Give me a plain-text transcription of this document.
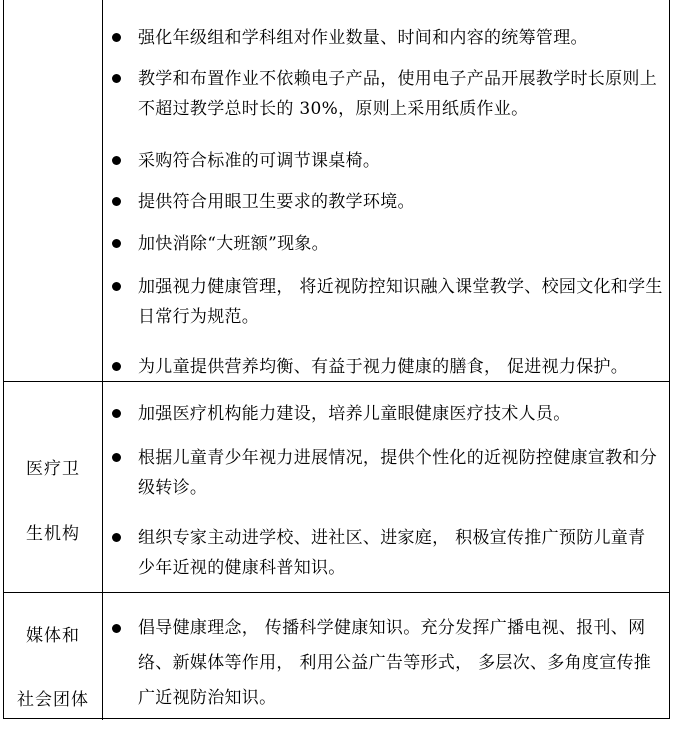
强化年级组和学科组对作业数量、时间和内容的统筹管理。
教学和布置作业不依赖电子产品，使用电子产品开展教学时长原则上不超过教学总时长的 30%，原则上采用纸质作业。
采购符合标准的可调节课桌椅。
提供符合用眼卫生要求的教学环境。
加快消除“大班额”现象。
加强视力健康管理， 将近视防控知识融入课堂教学、校园文化和学生日常行为规范。
为儿童提供营养均衡、有益于视力健康的膳食， 促进视力保护。
医疗卫
生机构
加强医疗机构能力建设，培养儿童眼健康医疗技术人员。
根据儿童青少年视力进展情况，提供个性化的近视防控健康宣教和分级转诊。
组织专家主动进学校、进社区、进家庭， 积极宣传推广预防儿童青少年近视的健康科普知识。
媒体和
社会团体
倡导健康理念， 传播科学健康知识。充分发挥广播电视、报刊、网络、新媒体等作用， 利用公益广告等形式， 多层次、多角度宣传推广近视防治知识。
